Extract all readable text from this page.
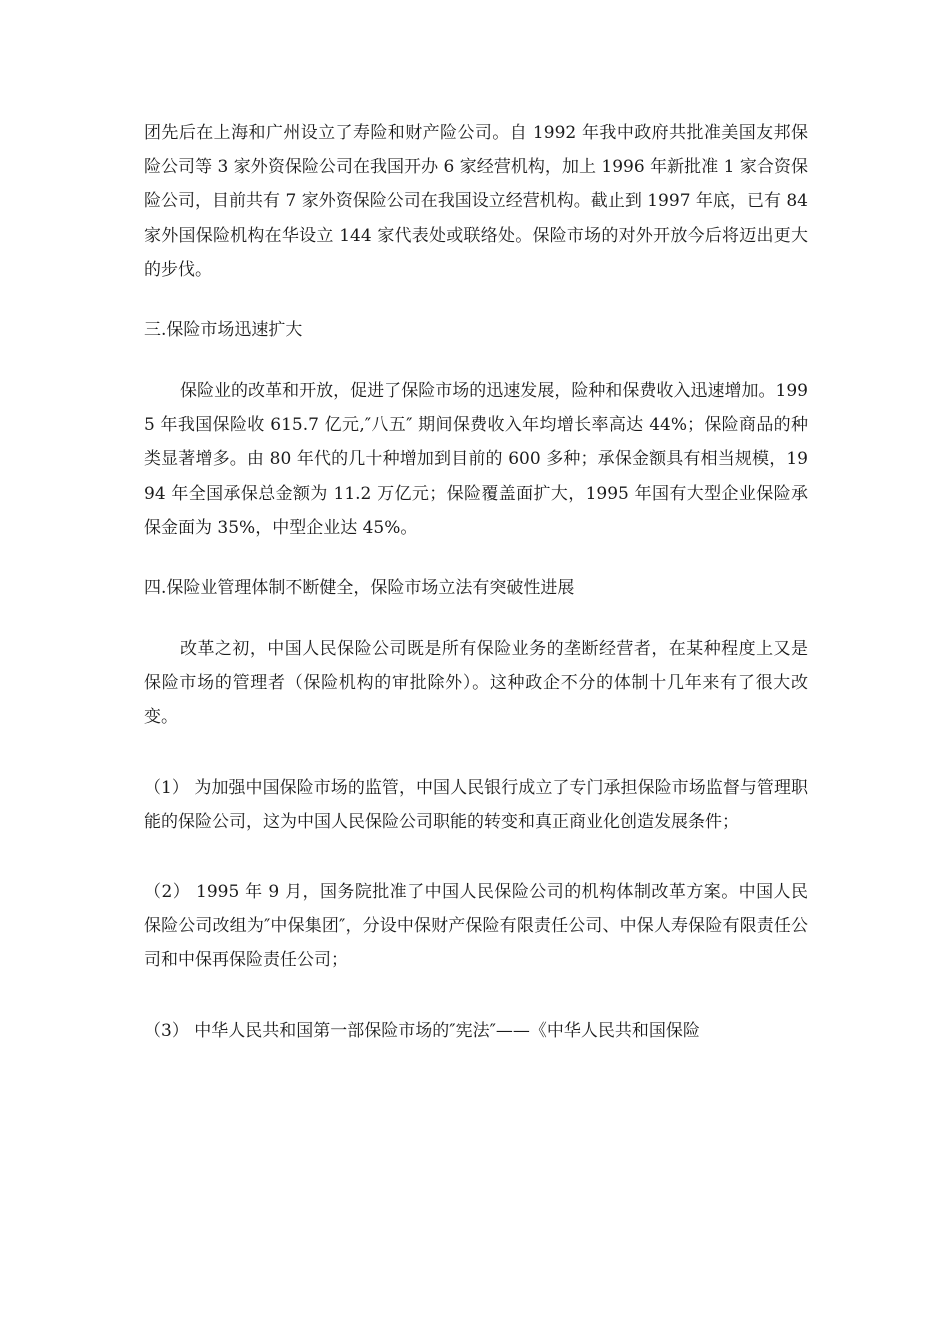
团先后在上海和广州设立了寿险和财产险公司。自 1992 年我中政府共批准美国友邦保险公司等 3 家外资保险公司在我国开办 6 家经营机构，加上 1996 年新批准 1 家合资保险公司，目前共有 7 家外资保险公司在我国设立经营机构。截止到 1997 年底，已有 84 家外国保险机构在华设立 144 家代表处或联络处。保险市场的对外开放今后将迈出更大的步伐。

三.保险市场迅速扩大

保险业的改革和开放，促进了保险市场的迅速发展，险种和保费收入迅速增加。1995 年我国保险收 615.7 亿元,″八五″ 期间保费收入年均增长率高达 44%；保险商品的种类显著增多。由 80 年代的几十种增加到目前的 600 多种；承保金额具有相当规模，1994 年全国承保总金额为 11.2 万亿元；保险覆盖面扩大，1995 年国有大型企业保险承保金面为 35%，中型企业达 45%。

四.保险业管理体制不断健全，保险市场立法有突破性进展

改革之初，中国人民保险公司既是所有保险业务的垄断经营者，在某种程度上又是保险市场的管理者（保险机构的审批除外）。这种政企不分的体制十几年来有了很大改变。

（1） 为加强中国保险市场的监管，中国人民银行成立了专门承担保险市场监督与管理职能的保险公司，这为中国人民保险公司职能的转变和真正商业化创造发展条件；

（2） 1995 年 9 月，国务院批准了中国人民保险公司的机构体制改革方案。中国人民保险公司改组为″中保集团″，分设中保财产保险有限责任公司、中保人寿保险有限责任公司和中保再保险责任公司；

（3） 中华人民共和国第一部保险市场的″宪法″——《中华人民共和国保险
